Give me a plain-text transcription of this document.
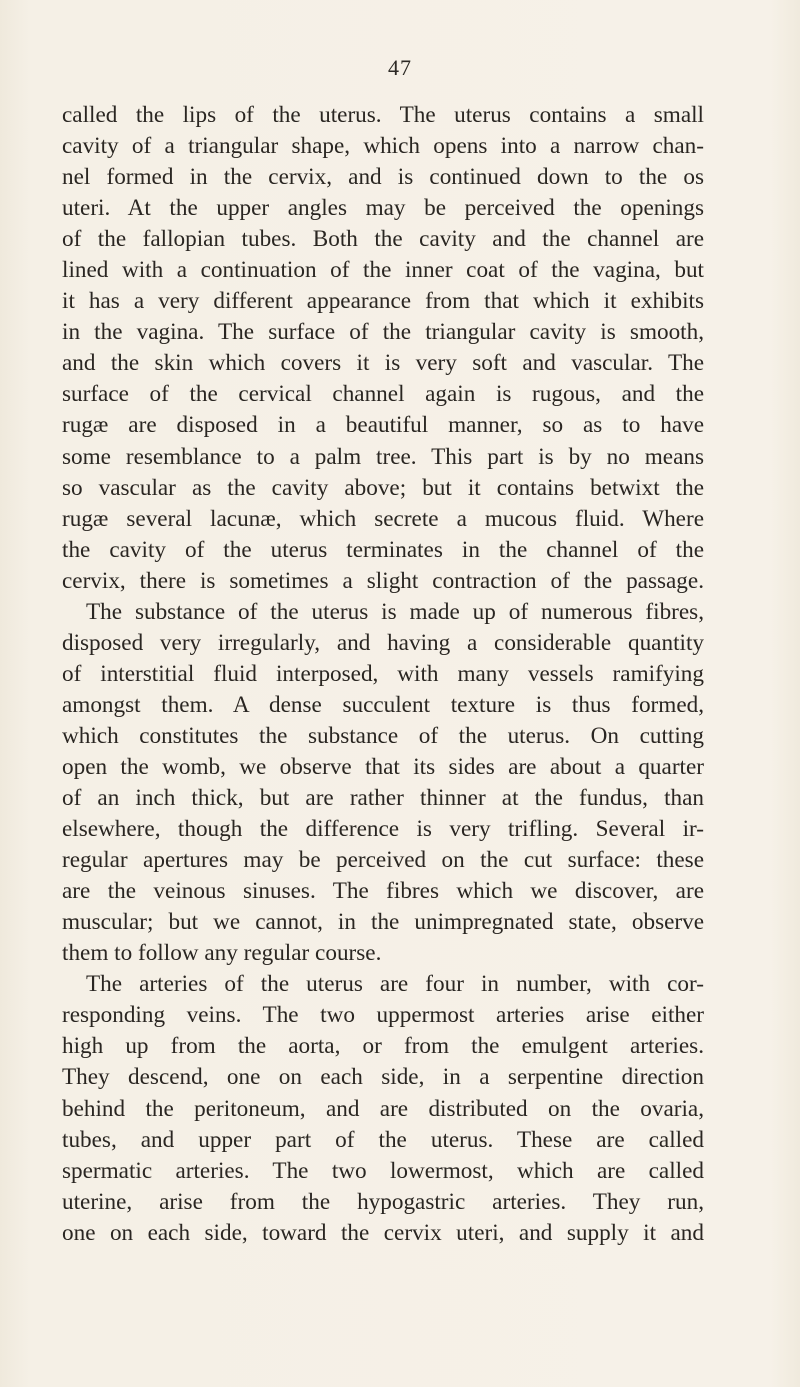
47
called the lips of the uterus. The uterus contains a small
cavity of a triangular shape, which opens into a narrow chan-
nel formed in the cervix, and is continued down to the os
uteri. At the upper angles may be perceived the openings
of the fallopian tubes. Both the cavity and the channel are
lined with a continuation of the inner coat of the vagina, but
it has a very different appearance from that which it exhibits
in the vagina. The surface of the triangular cavity is smooth,
and the skin which covers it is very soft and vascular. The
surface of the cervical channel again is rugous, and the
rugæ are disposed in a beautiful manner, so as to have
some resemblance to a palm tree. This part is by no means
so vascular as the cavity above; but it contains betwixt the
rugæ several lacunæ, which secrete a mucous fluid. Where
the cavity of the uterus terminates in the channel of the
cervix, there is sometimes a slight contraction of the passage.
The substance of the uterus is made up of numerous fibres,
disposed very irregularly, and having a considerable quantity
of interstitial fluid interposed, with many vessels ramifying
amongst them. A dense succulent texture is thus formed,
which constitutes the substance of the uterus. On cutting
open the womb, we observe that its sides are about a quarter
of an inch thick, but are rather thinner at the fundus, than
elsewhere, though the difference is very trifling. Several ir-
regular apertures may be perceived on the cut surface: these
are the veinous sinuses. The fibres which we discover, are
muscular; but we cannot, in the unimpregnated state, observe
them to follow any regular course.
The arteries of the uterus are four in number, with cor-
responding veins. The two uppermost arteries arise either
high up from the aorta, or from the emulgent arteries.
They descend, one on each side, in a serpentine direction
behind the peritoneum, and are distributed on the ovaria,
tubes, and upper part of the uterus. These are called
spermatic arteries. The two lowermost, which are called
uterine, arise from the hypogastric arteries. They run,
one on each side, toward the cervix uteri, and supply it and
